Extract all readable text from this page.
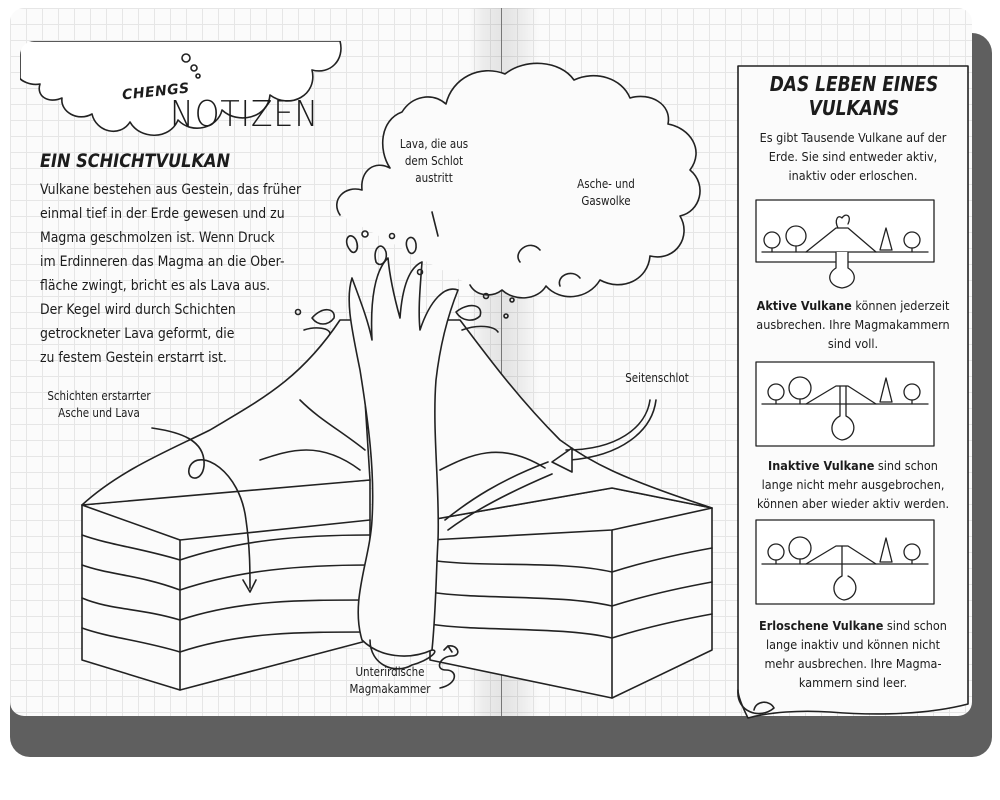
CHENGS
NOTIZEN
EIN SCHICHTVULKAN
Vulkane bestehen aus Gestein, das früher
einmal tief in der Erde gewesen und zu
Magma geschmolzen ist. Wenn Druck
im Erdinneren das Magma an die Ober-
fläche zwingt, bricht es als Lava aus.
Der Kegel wird durch Schichten
getrockneter Lava geformt, die
zu festem Gestein erstarrt ist.
Schichten erstarrter
Asche und Lava
Lava, die aus
dem Schlot
austritt	Asche- und
Gaswolke
Seitenschlot
Unterirdische
Magmakammer
DAS LEBEN EINES
VULKANS
Es gibt Tausende Vulkane auf der Erde. Sie sind entweder aktiv, inaktiv oder erloschen.
Aktive Vulkane können jederzeit ausbrechen. Ihre Magmakammern sind voll.
Inaktive Vulkane sind schon lange nicht mehr ausgebrochen, können aber wieder aktiv werden.
Erloschene Vulkane sind schon lange inaktiv und können nicht mehr ausbrechen. Ihre Magma-kammern sind leer.
